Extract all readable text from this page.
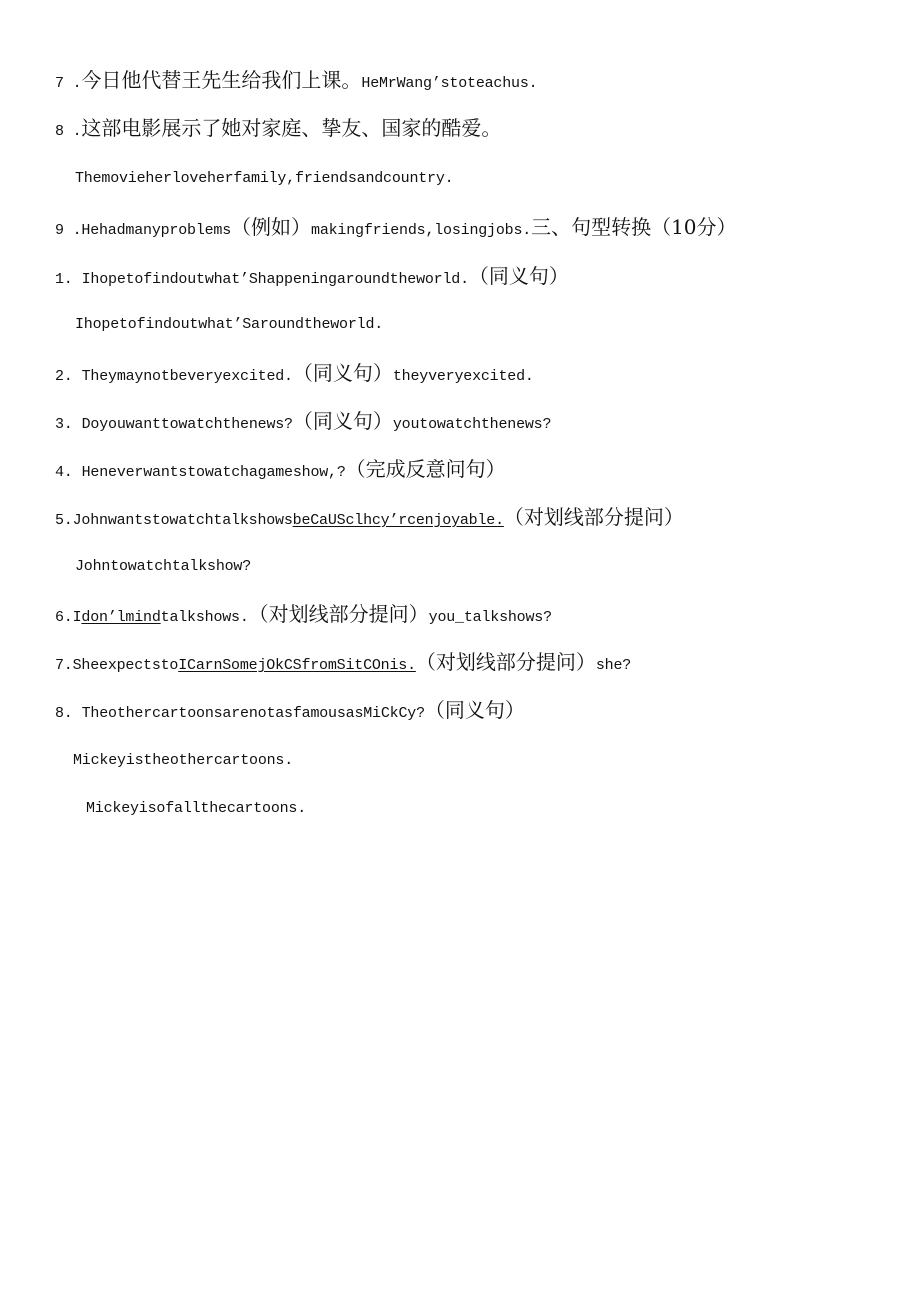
7 .今日他代替王先生给我们上课。HeMrWang’stoteachus.
8 .这部电影展示了她对家庭、挚友、国家的酷爱。
Themovieherloveherfamily,friendsandcountry.
9 .Hehadmanyproblems（例如）makingfriends,losingjobs.三、句型转换（10分）
1. Ihopetofindoutwhat’Shappeningaroundtheworld.（同义句）
Ihopetofindoutwhat’Saroundtheworld.
2. Theymaynotbeveryexcited.（同义句）theyveryexcited.
3. Doyouwanttowatchthenews?（同义句）youtowatchthenews?
4. Heneverwantstowatchagameshow,?（完成反意问句）
5.JohnwantstowatchtalkshowsbeCaUSclhcy’rcenjoyable.（对划线部分提问）
Johntowatchtalkshow?
6.Idon’lmindtalkshows.（对划线部分提问）you_talkshows?
7.SheexpectstoICarnSomejOkCSfromSitCOnis.（对划线部分提问）she?
8. TheothercartoonsarenotasfamousasMiCkCy?（同义句）
Mickeyistheothercartoons.
Mickeyisofallthecartoons.
